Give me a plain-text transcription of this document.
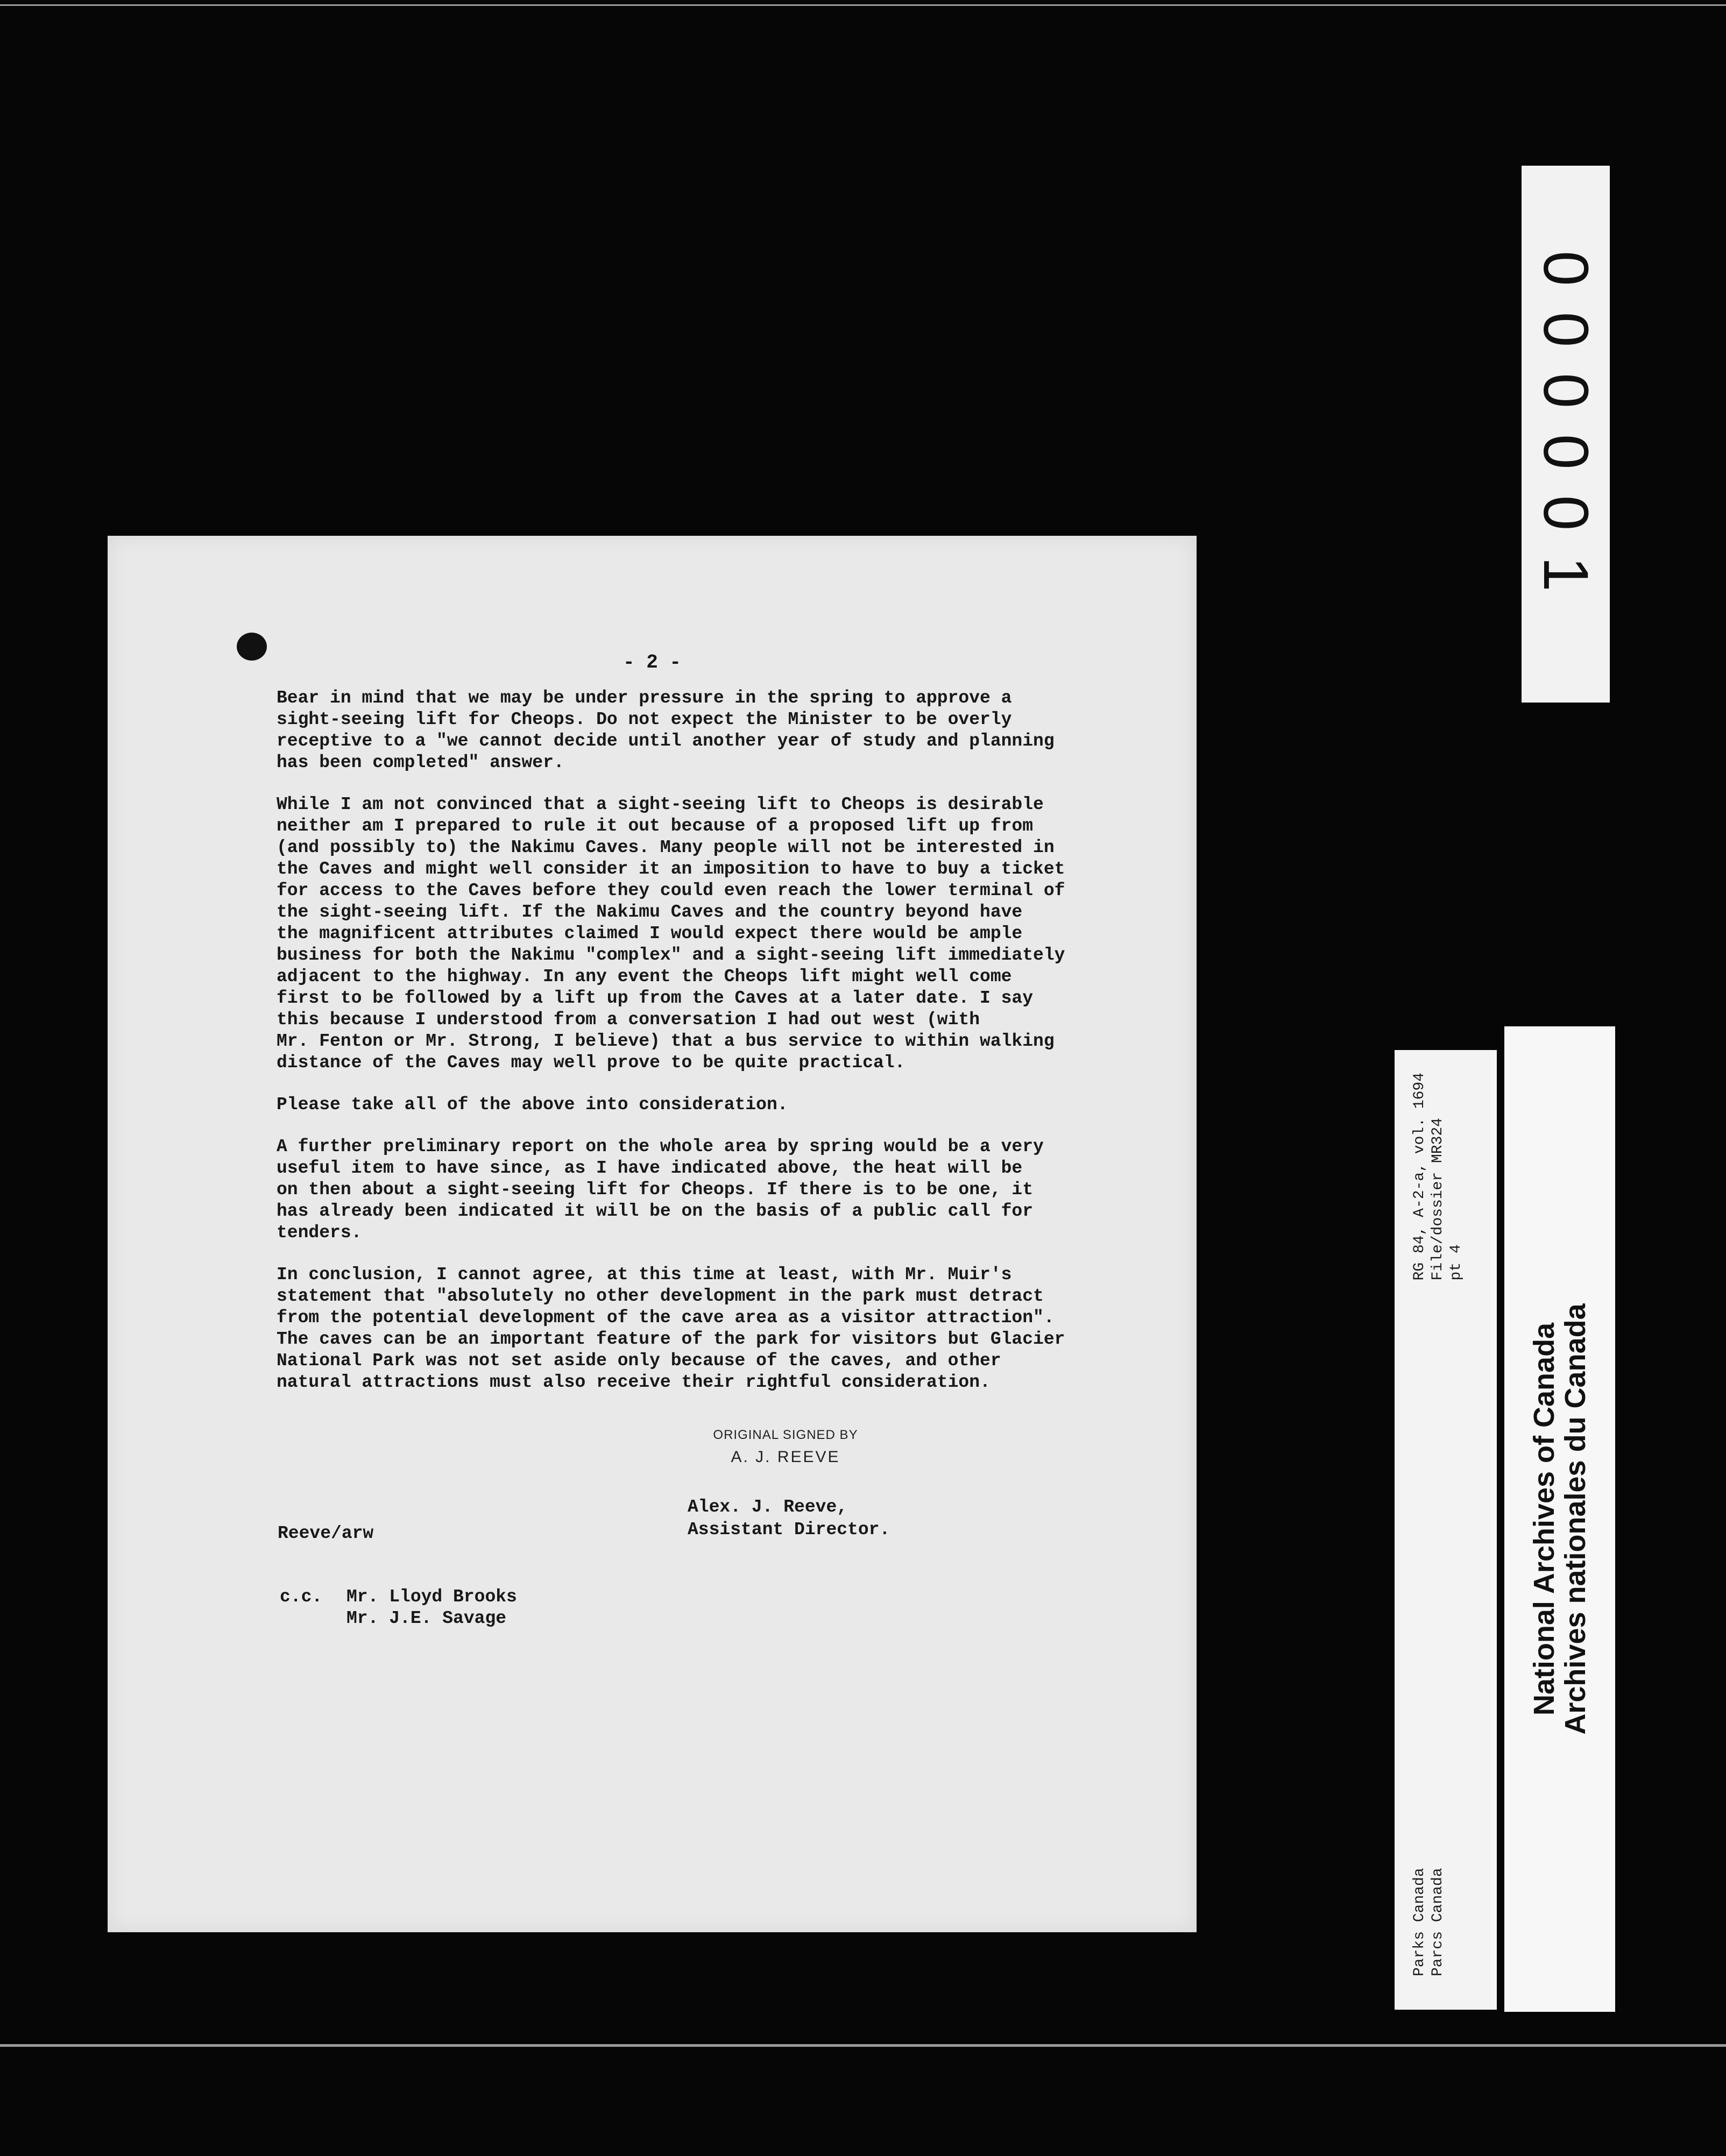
000001
- 2 -

Bear in mind that we may be under pressure in the spring to approve a
sight-seeing lift for Cheops. Do not expect the Minister to be overly
receptive to a "we cannot decide until another year of study and planning
has been completed" answer.

While I am not convinced that a sight-seeing lift to Cheops is desirable
neither am I prepared to rule it out because of a proposed lift up from
(and possibly to) the Nakimu Caves. Many people will not be interested in
the Caves and might well consider it an imposition to have to buy a ticket
for access to the Caves before they could even reach the lower terminal of
the sight-seeing lift. If the Nakimu Caves and the country beyond have
the magnificent attributes claimed I would expect there would be ample
business for both the Nakimu "complex" and a sight-seeing lift immediately
adjacent to the highway. In any event the Cheops lift might well come
first to be followed by a lift up from the Caves at a later date. I say
this because I understood from a conversation I had out west (with
Mr. Fenton or Mr. Strong, I believe) that a bus service to within walking
distance of the Caves may well prove to be quite practical.

Please take all of the above into consideration.

A further preliminary report on the whole area by spring would be a very
useful item to have since, as I have indicated above, the heat will be
on then about a sight-seeing lift for Cheops. If there is to be one, it
has already been indicated it will be on the basis of a public call for
tenders.

In conclusion, I cannot agree, at this time at least, with Mr. Muir's
statement that "absolutely no other development in the park must detract
from the potential development of the cave area as a visitor attraction".
The caves can be an important feature of the park for visitors but Glacier
National Park was not set aside only because of the caves, and other
natural attractions must also receive their rightful consideration.

ORIGINAL SIGNED BY
A. J. REEVE
Alex. J. Reeve,
Assistant Director.
Reeve/arw
c.c. Mr. Lloyd Brooks
Mr. J.E. Savage
RG 84, A-2-a, vol. 1694 File/dossier MR324 pt 4
Parks Canada Parcs Canada
National Archives of Canada
Archives nationales du Canada
